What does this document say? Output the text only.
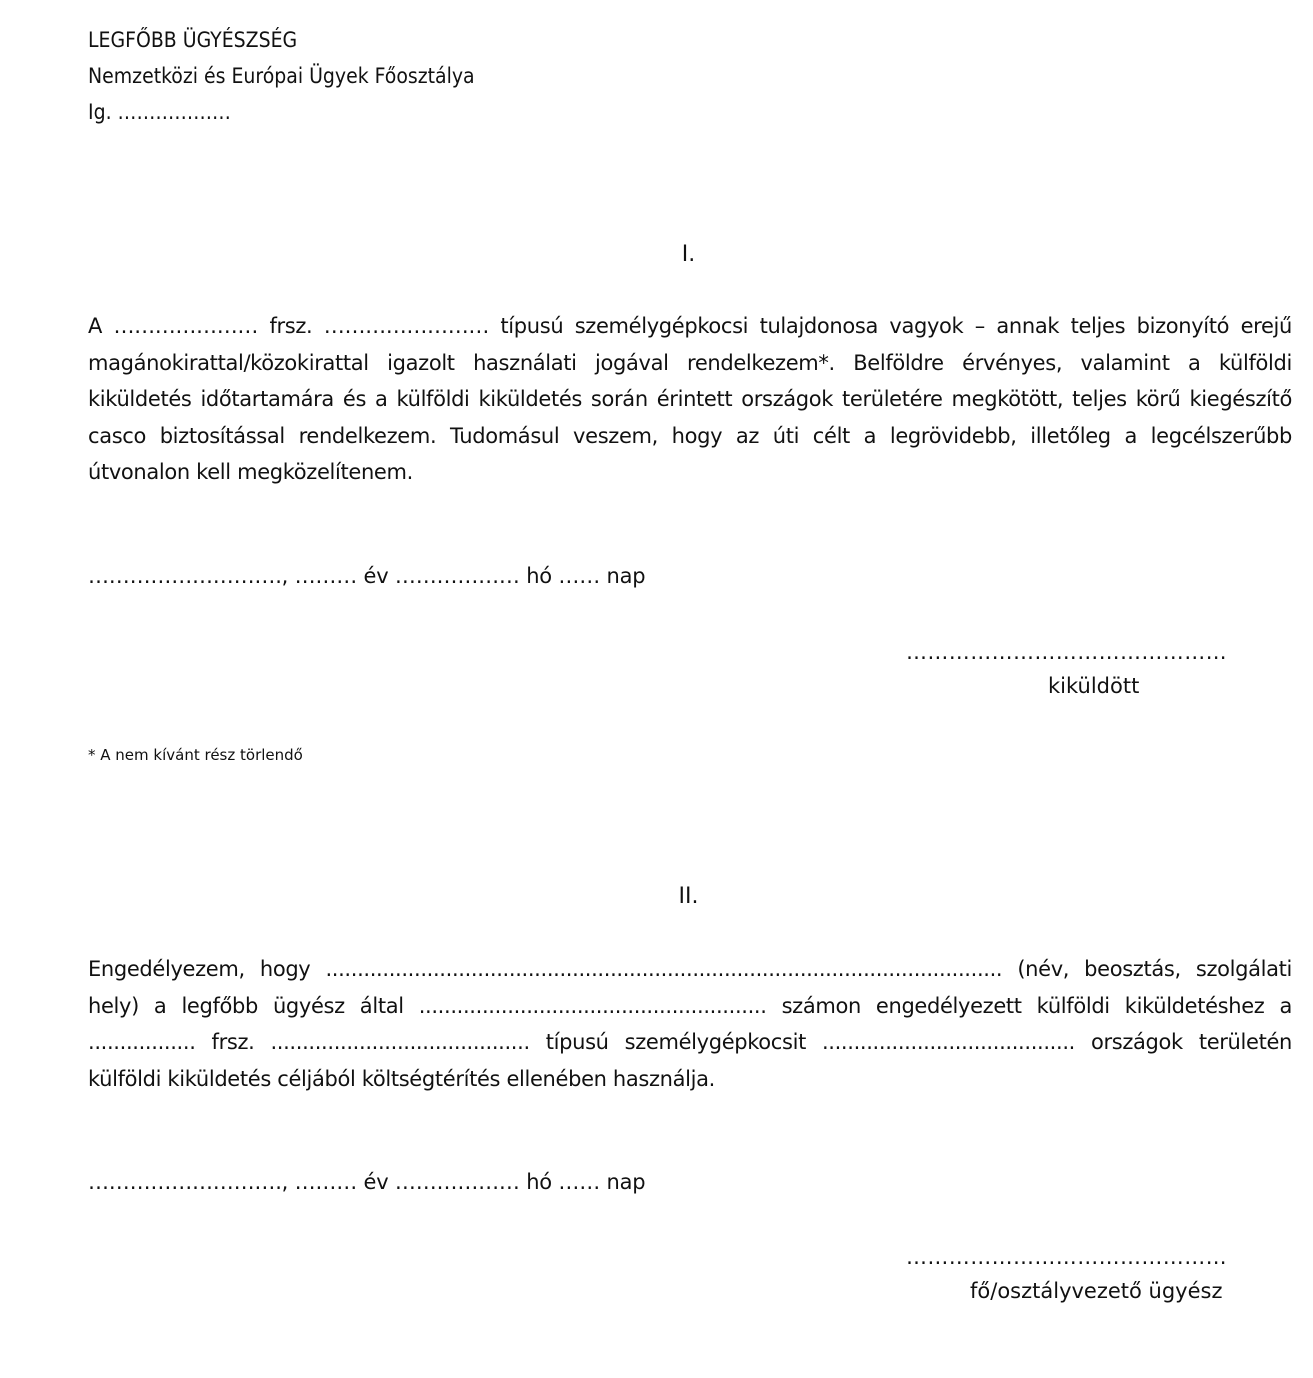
LEGFŐBB ÜGYÉSZSÉG
Nemzetközi és Európai Ügyek Főosztálya
Ig. ………………
I.

A ………………… frsz. …………………… típusú személygépkocsi tulajdonosa vagyok – annak teljes bizonyító erejű magánokirattal/közokirattal igazolt használati jogával rendelkezem*. Belföldre érvényes, valamint a külföldi kiküldetés időtartamára és a külföldi kiküldetés során érintett országok területére megkötött, teljes körű kiegészítő casco biztosítással rendelkezem. Tudomásul veszem, hogy az úti célt a legrövidebb, illetőleg a legcélszerűbb útvonalon kell megközelítenem.

………………………., ……… év ……………… hó …… nap
………………………………………
kiküldött
* A nem kívánt rész törlendő
II.

Engedélyezem, hogy ........................................................................................................... (név, beosztás, szolgálati hely) a legfőbb ügyész által ....................................................... számon engedélyezett külföldi kiküldetéshez a ................. frsz. ......................................... típusú személygépkocsit ........................................ országok területén külföldi kiküldetés céljából költségtérítés ellenében használja.

………………………., ……… év ……………… hó …… nap
………………………………………
fő/osztályvezető ügyész
